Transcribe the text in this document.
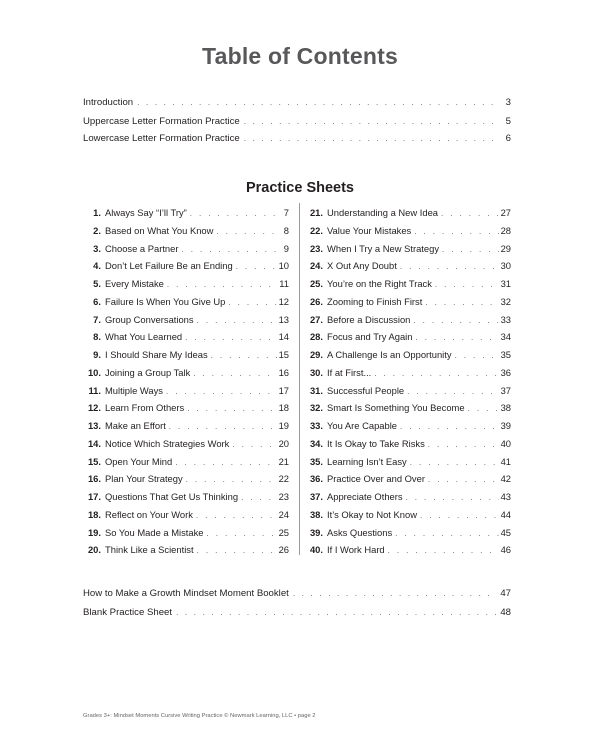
Table of Contents
Introduction . . .	3
Uppercase Letter Formation Practice . . .	5
Lowercase Letter Formation Practice . . .	6
Practice Sheets
1. Always Say “I’ll Try” . . .	7
2. Based on What You Know . . .	8
3. Choose a Partner . . .	9
4. Don’t Let Failure Be an Ending . . .	10
5. Every Mistake . . .	11
6. Failure Is When You Give Up . . .	12
7. Group Conversations . . .	13
8. What You Learned . . .	14
9. I Should Share My Ideas . . .	15
10. Joining a Group Talk . . .	16
11. Multiple Ways . . .	17
12. Learn From Others . . .	18
13. Make an Effort . . .	19
14. Notice Which Strategies Work . . .	20
15. Open Your Mind . . .	21
16. Plan Your Strategy . . .	22
17. Questions That Get Us Thinking . . .	23
18. Reflect on Your Work . . .	24
19. So You Made a Mistake . . .	25
20. Think Like a Scientist . . .	26
21. Understanding a New Idea . . .	27
22. Value Your Mistakes . . .	28
23. When I Try a New Strategy . . .	29
24. X Out Any Doubt . . .	30
25. You’re on the Right Track . . .	31
26. Zooming to Finish First . . .	32
27. Before a Discussion . . .	33
28. Focus and Try Again . . .	34
29. A Challenge Is an Opportunity . . .	35
30. If at First... . . .	36
31. Successful People . . .	37
32. Smart Is Something You Become . . .	38
33. You Are Capable . . .	39
34. It Is Okay to Take Risks . . .	40
35. Learning Isn’t Easy . . .	41
36. Practice Over and Over . . .	42
37. Appreciate Others . . .	43
38. It’s Okay to Not Know . . .	44
39. Asks Questions . . .	45
40. If I Work Hard . . .	46
How to Make a Growth Mindset Moment Booklet . . .	47
Blank Practice Sheet . . .	48
Grades 3+: Mindset Moments Cursive Writing Practice © Newmark Learning, LLC • page 2
